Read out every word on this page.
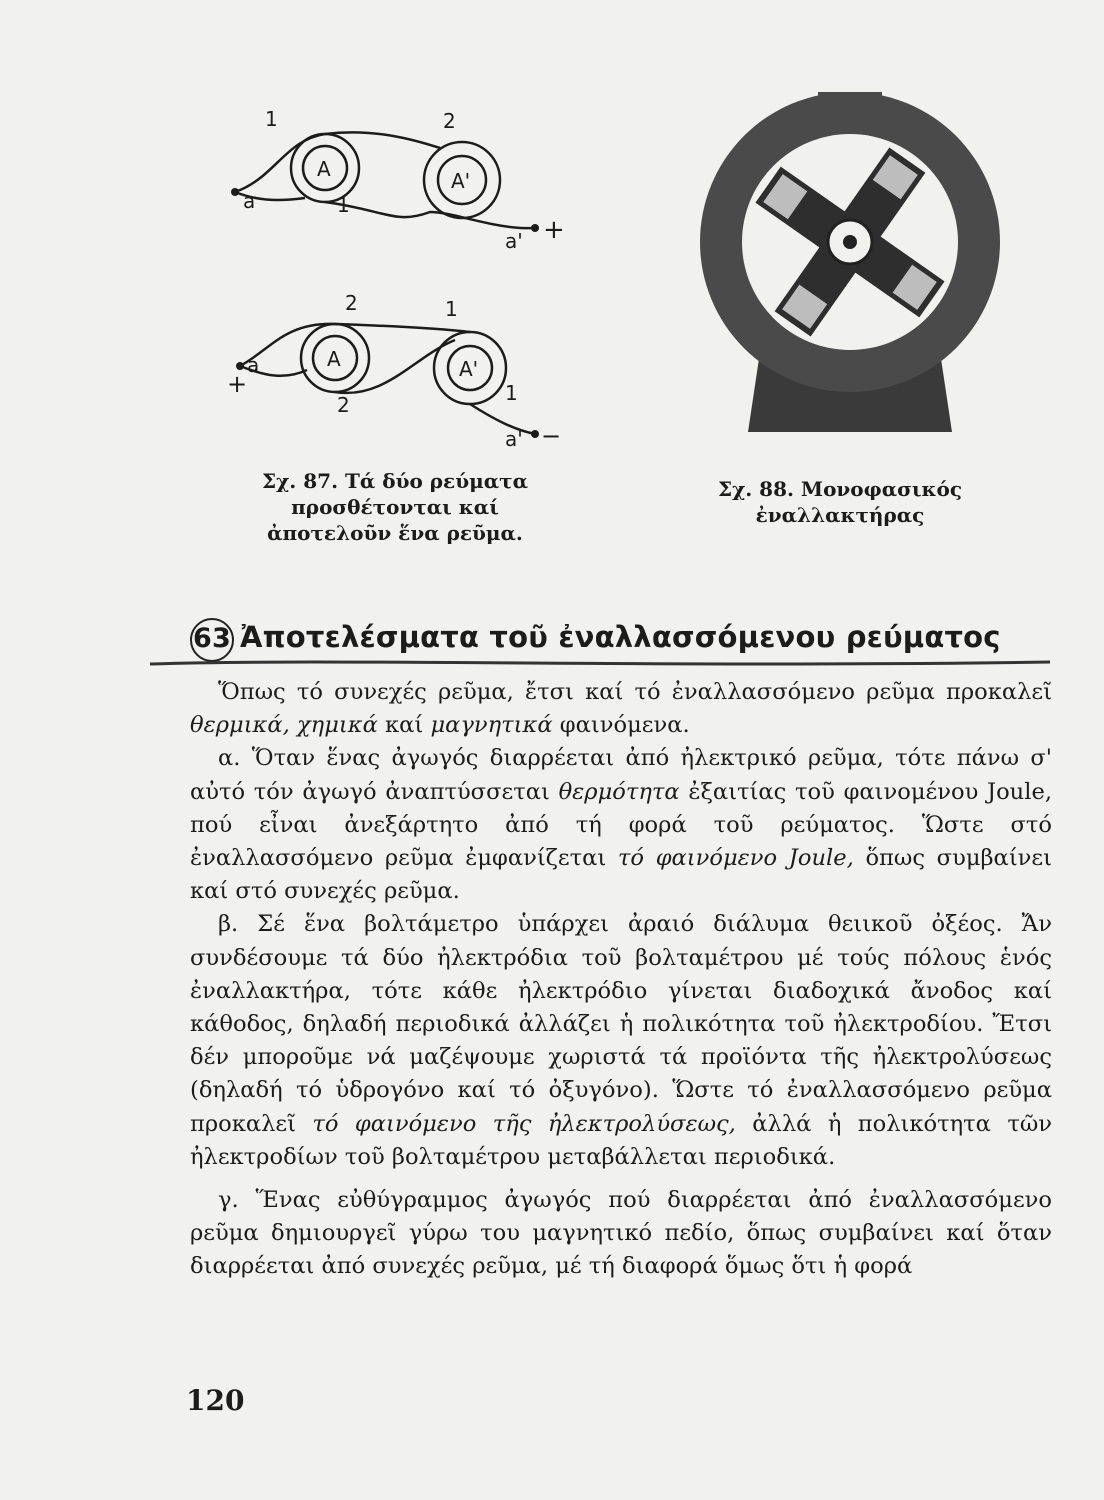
A	A'
A	A'
a
a' +
a
+
a' −
1	2
1
2	1
2	1
N
S
S
N
Σχ. 87. Τά δύο ρεύματα προσθέτονται καί ἀποτελοῦν ἕνα ρεῦμα.
Σχ. 88. Μονοφασικός ἐναλλακτήρας
63 Ἀποτελέσματα τοῦ ἐναλλασσόμενου ρεύματος

Ὅπως τό συνεχές ρεῦμα, ἔτσι καί τό ἐναλλασσόμενο ρεῦμα προκαλεῖ θερμικά, χημικά καί μαγνητικά φαινόμενα.

α. Ὅταν ἕνας ἀγωγός διαρρέεται ἀπό ἠλεκτρικό ρεῦμα, τότε πάνω σ' αὐτό τόν ἀγωγό ἀναπτύσσεται θερμότητα ἐξαιτίας τοῦ φαινομένου Joule, πού εἶναι ἀνεξάρτητο ἀπό τή φορά τοῦ ρεύματος. Ὥστε στό ἐναλλασσόμενο ρεῦμα ἐμφανίζεται τό φαινόμενο Joule, ὅπως συμβαίνει καί στό συνεχές ρεῦμα.

β. Σέ ἕνα βολτάμετρο ὑπάρχει ἀραιό διάλυμα θειικοῦ ὀξέος. Ἄν συνδέσουμε τά δύο ἠλεκτρόδια τοῦ βολταμέτρου μέ τούς πόλους ἑνός ἐναλλακτήρα, τότε κάθε ἠλεκτρόδιο γίνεται διαδοχικά ἄνοδος καί κάθοδος, δηλαδή περιοδικά ἀλλάζει ἡ πολικότητα τοῦ ἠλεκτροδίου. Ἔτσι δέν μποροῦμε νά μαζέψουμε χωριστά τά προϊόντα τῆς ἠλεκτρολύσεως (δηλαδή τό ὑδρογόνο καί τό ὀξυγόνο). Ὥστε τό ἐναλλασσόμενο ρεῦμα προκαλεῖ τό φαινόμενο τῆς ἠλεκτρολύσεως, ἀλλά ἡ πολικότητα τῶν ἠλεκτροδίων τοῦ βολταμέτρου μεταβάλλεται περιοδικά.

γ. Ἕνας εὐθύγραμμος ἀγωγός πού διαρρέεται ἀπό ἐναλλασσόμενο ρεῦμα δημιουργεῖ γύρω του μαγνητικό πεδίο, ὅπως συμβαίνει καί ὅταν διαρρέεται ἀπό συνεχές ρεῦμα, μέ τή διαφορά ὅμως ὅτι ἡ φορά

120
